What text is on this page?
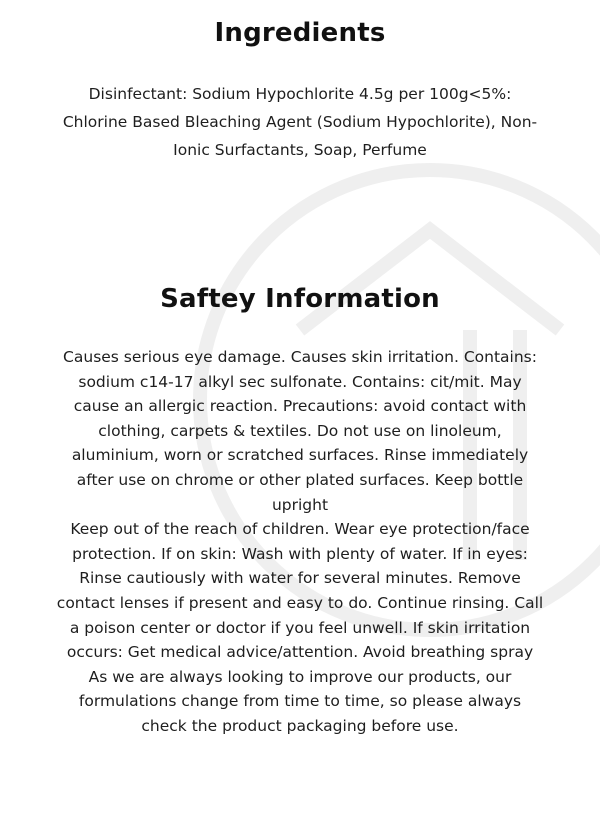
Ingredients

Disinfectant: Sodium Hypochlorite 4.5g per 100g<5%: Chlorine Based Bleaching Agent (Sodium Hypochlorite), Non-Ionic Surfactants, Soap, Perfume

Saftey Information

Causes serious eye damage. Causes skin irritation. Contains: sodium c14-17 alkyl sec sulfonate. Contains: cit/mit. May cause an allergic reaction. Precautions: avoid contact with clothing, carpets & textiles. Do not use on linoleum, aluminium, worn or scratched surfaces. Rinse immediately after use on chrome or other plated surfaces. Keep bottle upright

Keep out of the reach of children. Wear eye protection/face protection. If on skin: Wash with plenty of water. If in eyes: Rinse cautiously with water for several minutes. Remove contact lenses if present and easy to do. Continue rinsing. Call a poison center or doctor if you feel unwell. If skin irritation occurs: Get medical advice/attention. Avoid breathing spray

As we are always looking to improve our products, our formulations change from time to time, so please always check the product packaging before use.
